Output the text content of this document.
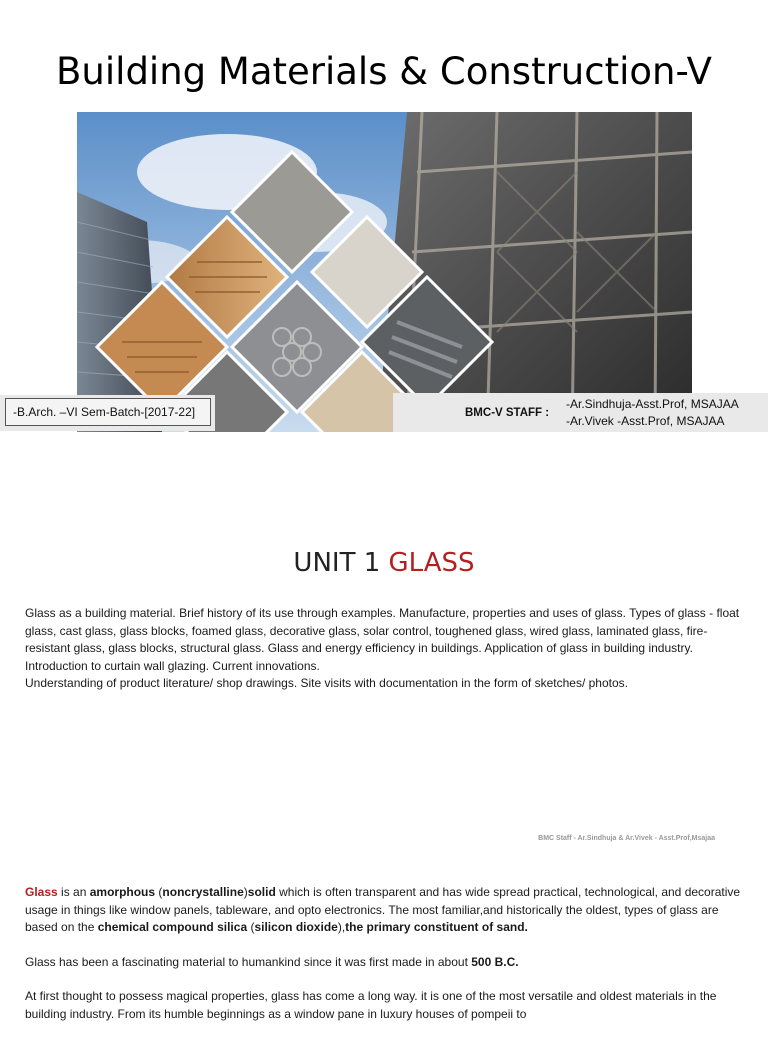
Building Materials & Construction-V
-B.Arch. –VI Sem-Batch-[2017-22]	BMC-V STAFF :
-Ar.Sindhuja-Asst.Prof, MSAJAA
-Ar.Vivek -Asst.Prof, MSAJAA
UNIT 1 GLASS

Glass as a building material. Brief history of its use through examples. Manufacture, properties and uses of glass. Types of glass - float glass, cast glass, glass blocks, foamed glass, decorative glass, solar control, toughened glass, wired glass, laminated glass, fire-resistant glass, glass blocks, structural glass. Glass and energy efficiency in buildings. Application of glass in building industry. Introduction to curtain wall glazing. Current innovations.

Understanding of product literature/ shop drawings. Site visits with documentation in the form of sketches/ photos.

BMC Staff - Ar.Sindhuja & Ar.Vivek - Asst.Prof,Msajaa

Glass is an amorphous (noncrystalline)solid which is often transparent and has wide spread practical, technological, and decorative usage in things like window panels, tableware, and opto electronics. The most familiar,and historically the oldest, types of glass are based on the chemical compound silica (silicon dioxide),the primary constituent of sand.

Glass has been a fascinating material to humankind since it was first made in about 500 B.C.

At first thought to possess magical properties, glass has come a long way. it is one of the most versatile and oldest materials in the building industry. From its humble beginnings as a window pane in luxury houses of pompeii to
